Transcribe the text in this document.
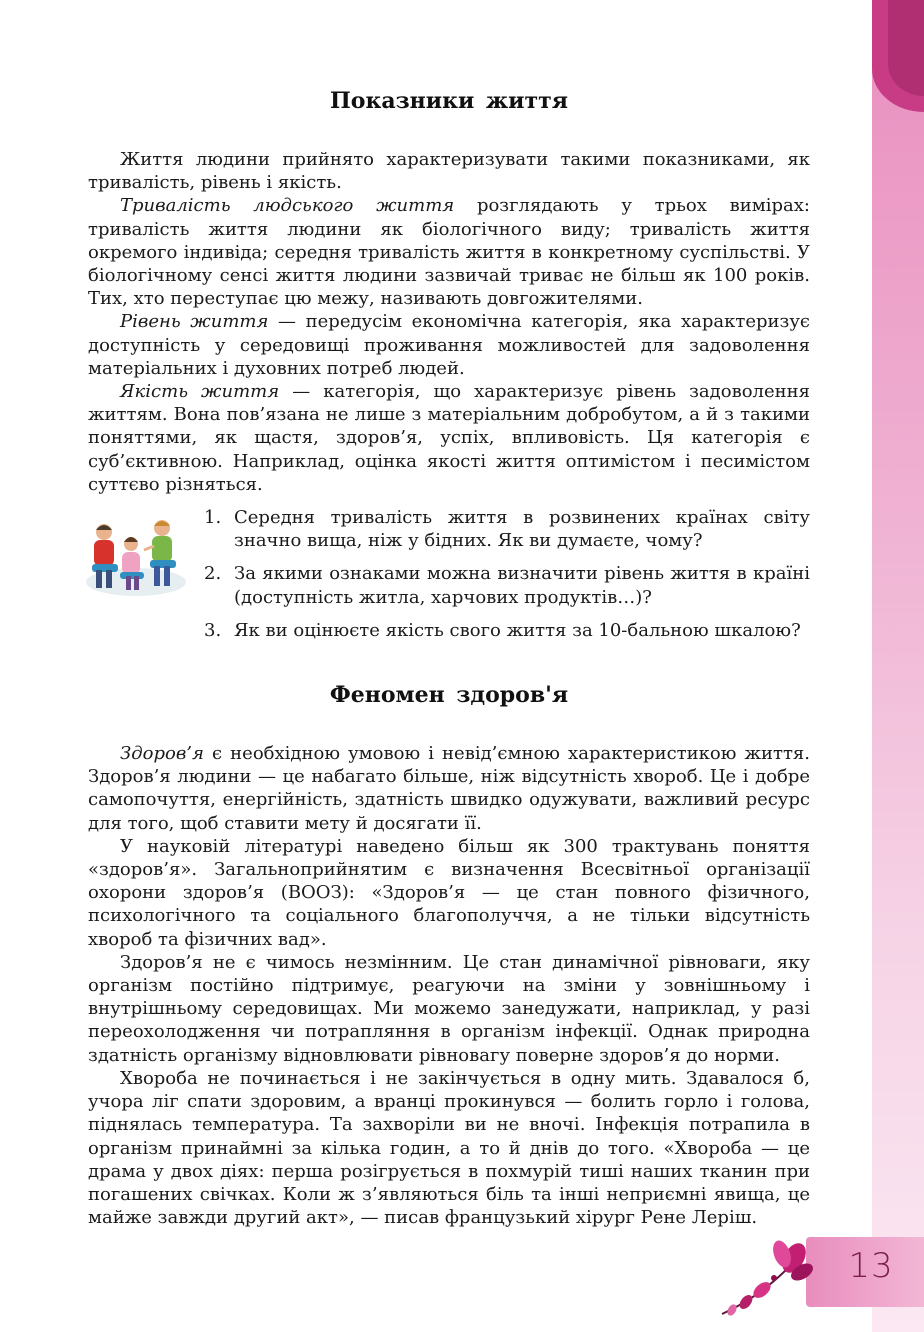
Показники життя

Життя людини прийнято характеризувати такими показниками, як тривалість, рівень і якість.

Тривалість людського життя розглядають у трьох вимірах: тривалість життя людини як біологічного виду; тривалість життя окремого індивіда; середня тривалість життя в конкретному суспільстві. У біологічному сенсі життя людини зазвичай триває не більш як 100 років. Тих, хто переступає цю межу, називають довгожителями.

Рівень життя — передусім економічна категорія, яка характеризує доступність у середовищі проживання можливостей для задоволення матеріальних і духовних потреб людей.

Якість життя — категорія, що характеризує рівень задоволення життям. Вона пов’язана не лише з матеріальним добробутом, а й з такими поняттями, як щастя, здоров’я, успіх, впливовість. Ця категорія є суб’єктивною. Наприклад, оцінка якості життя оптимістом і песимістом суттєво різняться.

1. Середня тривалість життя в розвинених країнах світу значно вища, ніж у бідних. Як ви думаєте, чому?
2. За якими ознаками можна визначити рівень життя в країні (доступність житла, харчових продуктів…)?
3. Як ви оцінюєте якість свого життя за 10-бальною шкалою?
Феномен здоров'я

Здоров’я є необхідною умовою і невід’ємною характеристикою життя. Здоров’я людини — це набагато більше, ніж відсутність хвороб. Це і добре самопочуття, енергійність, здатність швидко одужувати, важливий ресурс для того, щоб ставити мету й досягати її.

У науковій літературі наведено більш як 300 трактувань поняття «здоров’я». Загальноприйнятим є визначення Всесвітньої організації охорони здоров’я (ВООЗ): «Здоров’я — це стан повного фізичного, психологічного та соціального благополуччя, а не тільки відсутність хвороб та фізичних вад».

Здоров’я не є чимось незмінним. Це стан динамічної рівноваги, яку організм постійно підтримує, реагуючи на зміни у зовнішньому і внутрішньому середовищах. Ми можемо занедужати, наприклад, у разі переохолодження чи потрапляння в організм інфекції. Однак природна здатність організму відновлювати рівновагу поверне здоров’я до норми.

Хвороба не починається і не закінчується в одну мить. Здавалося б, учора ліг спати здоровим, а вранці прокинувся — болить горло і голова, піднялась температура. Та захворіли ви не вночі. Інфекція потрапила в організм принаймні за кілька годин, а то й днів до того. «Хвороба — це драма у двох діях: перша розігрується в похмурій тиші наших тканин при погашених свічках. Коли ж з’являються біль та інші неприємні явища, це майже завжди другий акт», — писав французький хірург Рене Леріш.

13
